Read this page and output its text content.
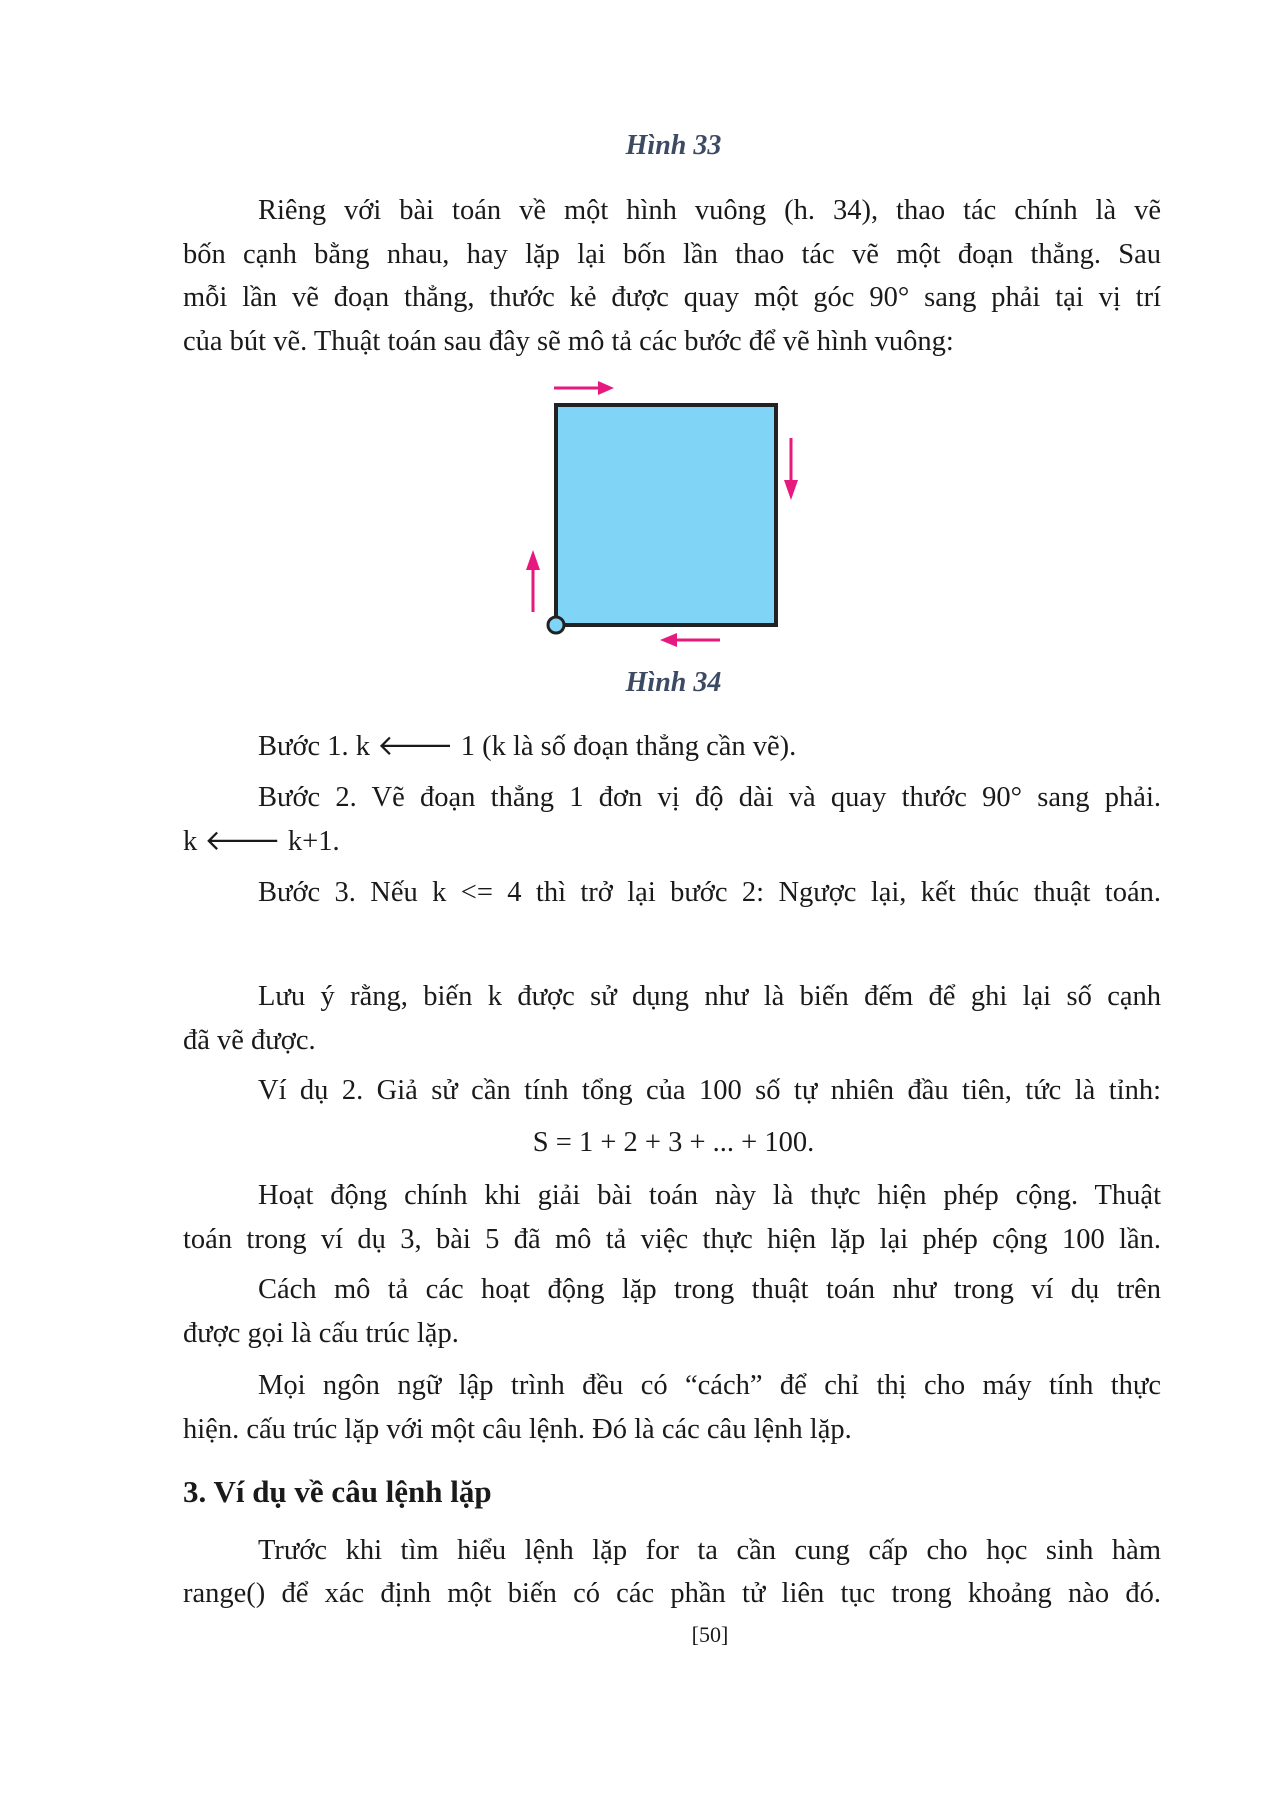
Hình 33
Riêng với bài toán về một hình vuông (h. 34), thao tác chính là vẽ
bốn cạnh bằng nhau, hay lặp lại bốn lần thao tác vẽ một đoạn thẳng. Sau
mỗi lần vẽ đoạn thẳng, thước kẻ được quay một góc 90° sang phải tại vị trí
của bút vẽ. Thuật toán sau đây sẽ mô tả các bước để vẽ hình vuông:
Hình 34
Bước 1. k 🡐 1 (k là số đoạn thẳng cần vẽ).
Bước 2. Vẽ đoạn thẳng 1 đơn vị độ dài và quay thước 90° sang phải.
k 🡐 k+1.
Bước 3. Nếu k <= 4 thì trở lại bước 2: Ngược lại, kết thúc thuật toán.
Lưu ý rằng, biến k được sử dụng như là biến đếm để ghi lại số cạnh
đã vẽ được.
Ví dụ 2. Giả sử cần tính tổng của 100 số tự nhiên đầu tiên, tức là tỉnh:
S = 1 + 2 + 3 + ... + 100.
Hoạt động chính khi giải bài toán này là thực hiện phép cộng. Thuật
toán trong ví dụ 3, bài 5 đã mô tả việc thực hiện lặp lại phép cộng 100 lần.
Cách mô tả các hoạt động lặp trong thuật toán như trong ví dụ trên
được gọi là cấu trúc lặp.
Mọi ngôn ngữ lập trình đều có “cách” để chỉ thị cho máy tính thực
hiện. cấu trúc lặp với một câu lệnh. Đó là các câu lệnh lặp.
3. Ví dụ về câu lệnh lặp
Trước khi tìm hiểu lệnh lặp for ta cần cung cấp cho học sinh hàm
range() để xác định một biến có các phần tử liên tục trong khoảng nào đó.
[50]
